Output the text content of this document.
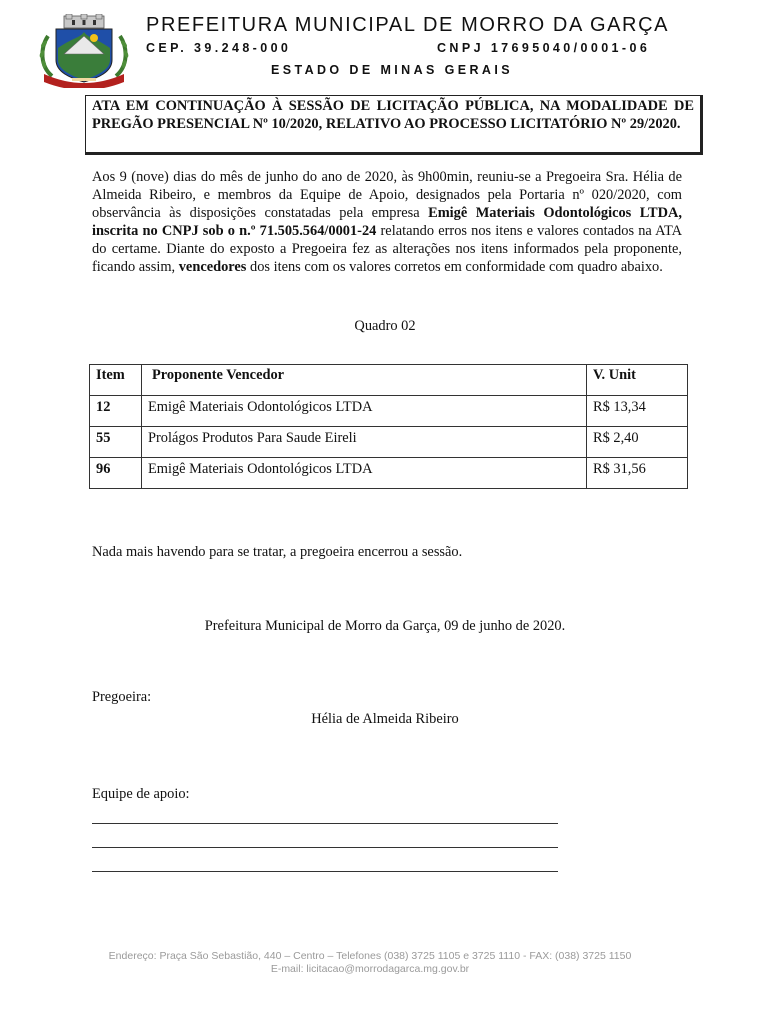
PREFEITURA MUNICIPAL DE MORRO DA GARÇA
CEP. 39.248-000	CNPJ 17695040/0001-06
ESTADO DE MINAS GERAIS
ATA EM CONTINUAÇÃO À SESSÃO DE LICITAÇÃO PÚBLICA, NA MODALIDADE DE PREGÃO PRESENCIAL Nº 10/2020, RELATIVO AO PROCESSO LICITATÓRIO Nº 29/2020.
Aos 9 (nove) dias do mês de junho do ano de 2020, às 9h00min, reuniu-se a Pregoeira Sra. Hélia de Almeida Ribeiro, e membros da Equipe de Apoio, designados pela Portaria nº 020/2020, com observância às disposições constatadas pela empresa Emigê Materiais Odontológicos LTDA, inscrita no CNPJ sob o n.º 71.505.564/0001-24 relatando erros nos itens e valores contados na ATA do certame. Diante do exposto a Pregoeira fez as alterações nos itens informados pela proponente, ficando assim, vencedores dos itens com os valores corretos em conformidade com quadro abaixo.
Quadro 02
Item	Proponente Vencedor	V. Unit
12	Emigê Materiais Odontológicos LTDA	R$ 13,34
55	Prolágos Produtos Para Saude Eireli	R$ 2,40
96	Emigê Materiais Odontológicos LTDA	R$ 31,56
Nada mais havendo para se tratar, a pregoeira encerrou a sessão.
Prefeitura Municipal de Morro da Garça, 09 de junho de 2020.
Pregoeira:
Hélia de Almeida Ribeiro
Equipe de apoio:
Endereço: Praça São Sebastião, 440 – Centro – Telefones (038) 3725 1105 e 3725 1110 - FAX: (038) 3725 1150
E-mail: licitacao@morrodagarca.mg.gov.br
